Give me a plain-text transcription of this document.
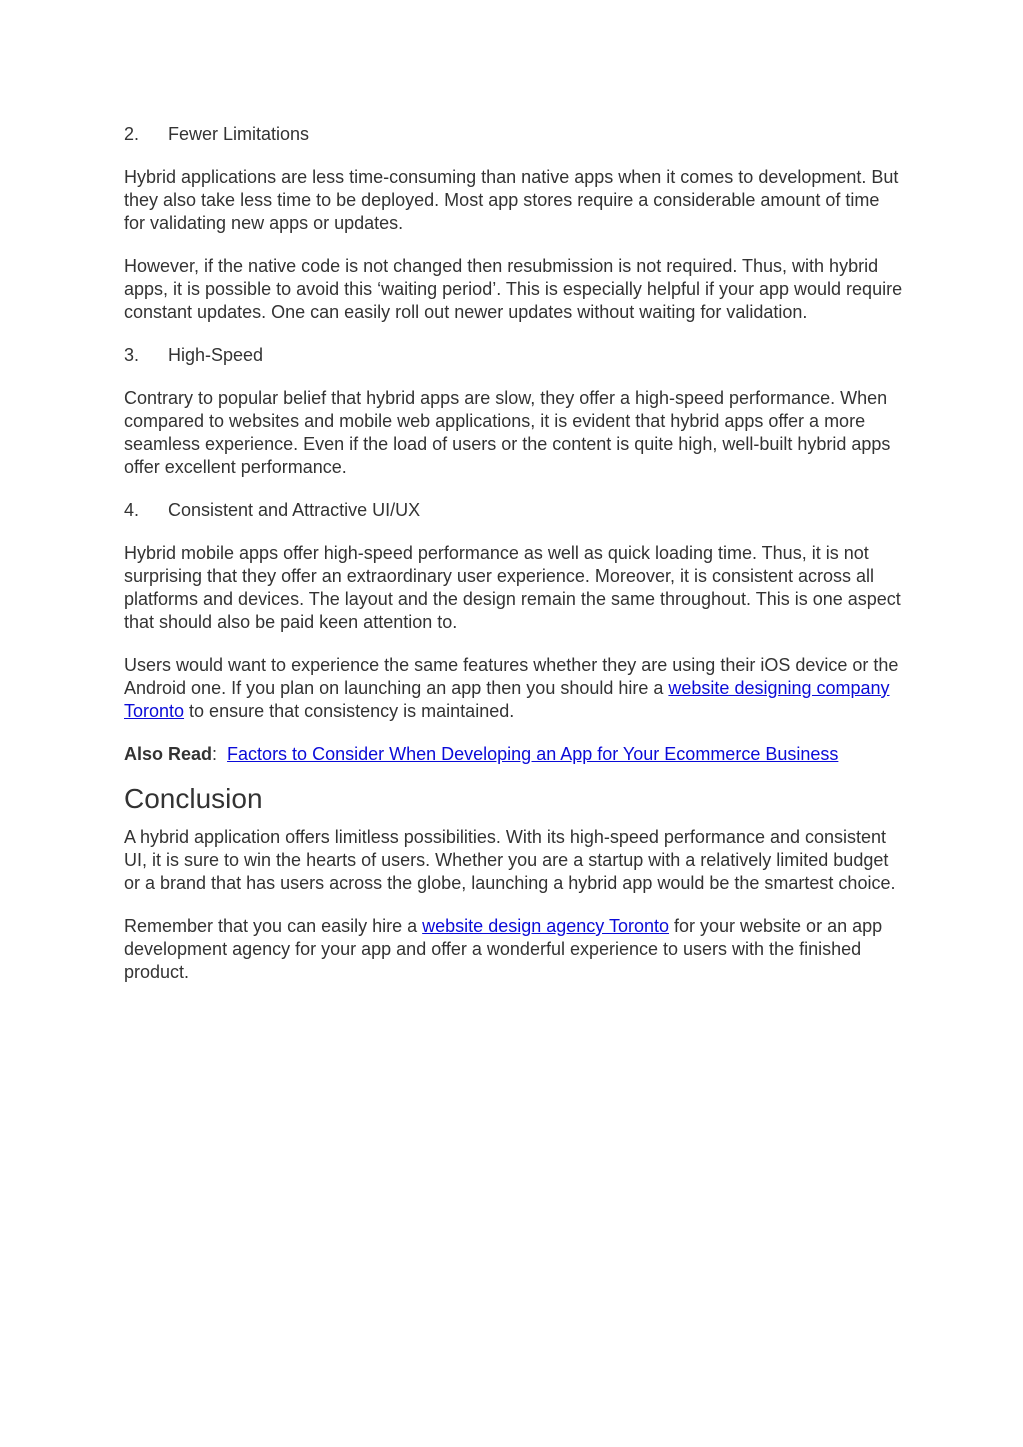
2.	Fewer Limitations

Hybrid applications are less time-consuming than native apps when it comes to development. But they also take less time to be deployed. Most app stores require a considerable amount of time for validating new apps or updates.

However, if the native code is not changed then resubmission is not required. Thus, with hybrid apps, it is possible to avoid this ‘waiting period’. This is especially helpful if your app would require constant updates. One can easily roll out newer updates without waiting for validation.

3.	High-Speed

Contrary to popular belief that hybrid apps are slow, they offer a high-speed performance. When compared to websites and mobile web applications, it is evident that hybrid apps offer a more seamless experience. Even if the load of users or the content is quite high, well-built hybrid apps offer excellent performance.

4.	Consistent and Attractive UI/UX

Hybrid mobile apps offer high-speed performance as well as quick loading time. Thus, it is not surprising that they offer an extraordinary user experience. Moreover, it is consistent across all platforms and devices. The layout and the design remain the same throughout. This is one aspect that should also be paid keen attention to.

Users would want to experience the same features whether they are using their iOS device or the Android one. If you plan on launching an app then you should hire a website designing company Toronto to ensure that consistency is maintained.

Also Read:  Factors to Consider When Developing an App for Your Ecommerce Business

Conclusion

A hybrid application offers limitless possibilities. With its high-speed performance and consistent UI, it is sure to win the hearts of users. Whether you are a startup with a relatively limited budget or a brand that has users across the globe, launching a hybrid app would be the smartest choice.

Remember that you can easily hire a website design agency Toronto for your website or an app development agency for your app and offer a wonderful experience to users with the finished product.
